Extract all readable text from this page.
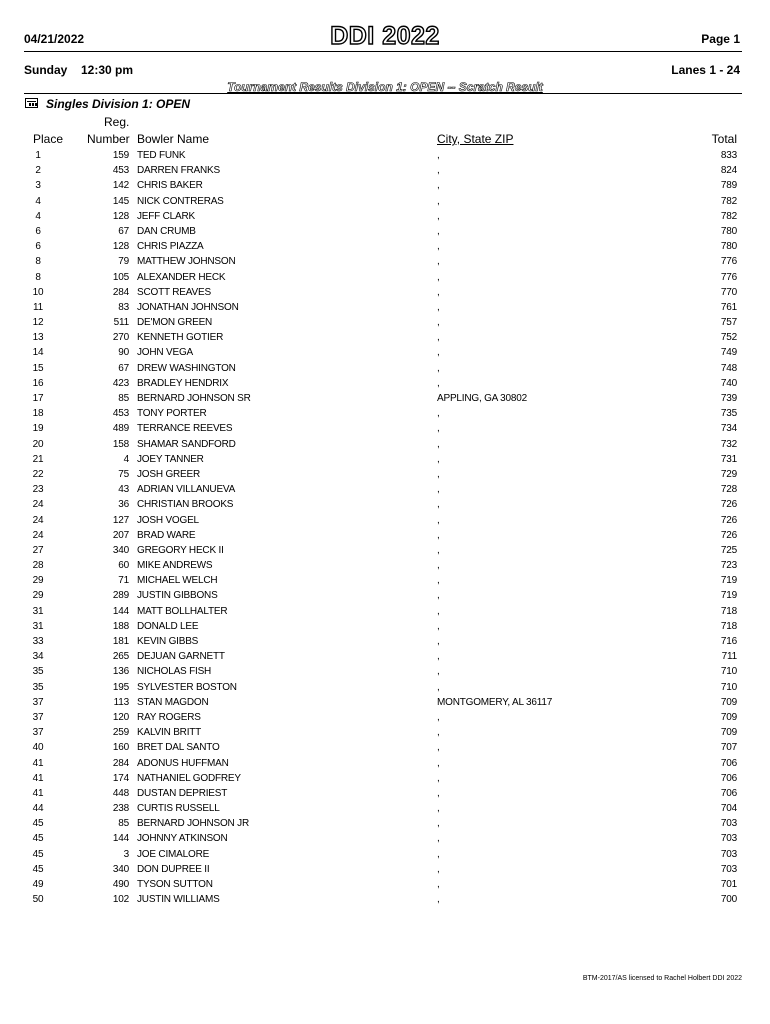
04/21/2022	DDI 2022	Page 1
Sunday 12:30 pm	Lanes 1 - 24
Tournament Results Division 1: OPEN -- Scratch Result
Singles Division 1: OPEN
Reg.
Place Number Bowler Name	City, State ZIP	Total
1	159 TED FUNK	,	833
2	453 DARREN FRANKS	,	824
3	142 CHRIS BAKER	,	789
4	145 NICK CONTRERAS	,	782
4	128 JEFF CLARK	,	782
6	67 DAN CRUMB	,	780
6	128 CHRIS PIAZZA	,	780
8	79 MATTHEW JOHNSON	,	776
8	105 ALEXANDER HECK	,	776
10	284 SCOTT REAVES	,	770
11	83 JONATHAN JOHNSON	,	761
12	511 DE'MON GREEN	,	757
13	270 KENNETH GOTIER	,	752
14	90 JOHN VEGA	,	749
15	67 DREW WASHINGTON	,	748
16	423 BRADLEY HENDRIX	,	740
17	85 BERNARD JOHNSON SR	APPLING, GA 30802	739
18	453 TONY PORTER	,	735
19	489 TERRANCE REEVES	,	734
20	158 SHAMAR SANDFORD	,	732
21	4 JOEY TANNER	,	731
22	75 JOSH GREER	,	729
23	43 ADRIAN VILLANUEVA	,	728
24	36 CHRISTIAN BROOKS	,	726
24	127 JOSH VOGEL	,	726
24	207 BRAD WARE	,	726
27	340 GREGORY HECK II	,	725
28	60 MIKE ANDREWS	,	723
29	71 MICHAEL WELCH	,	719
29	289 JUSTIN GIBBONS	,	719
31	144 MATT BOLLHALTER	,	718
31	188 DONALD LEE	,	718
33	181 KEVIN GIBBS	,	716
34	265 DEJUAN GARNETT	,	711
35	136 NICHOLAS FISH	,	710
35	195 SYLVESTER BOSTON	,	710
37	113 STAN MAGDON	MONTGOMERY, AL 36117	709
37	120 RAY ROGERS	,	709
37	259 KALVIN BRITT	,	709
40	160 BRET DAL SANTO	,	707
41	284 ADONUS HUFFMAN	,	706
41	174 NATHANIEL GODFREY	,	706
41	448 DUSTAN DEPRIEST	,	706
44	238 CURTIS RUSSELL	,	704
45	85 BERNARD JOHNSON JR	,	703
45	144 JOHNNY ATKINSON	,	703
45	3 JOE CIMALORE	,	703
45	340 DON DUPREE II	,	703
49	490 TYSON SUTTON	,	701
50	102 JUSTIN WILLIAMS	,	700
BTM-2017/AS licensed to Rachel Holbert DDI 2022
